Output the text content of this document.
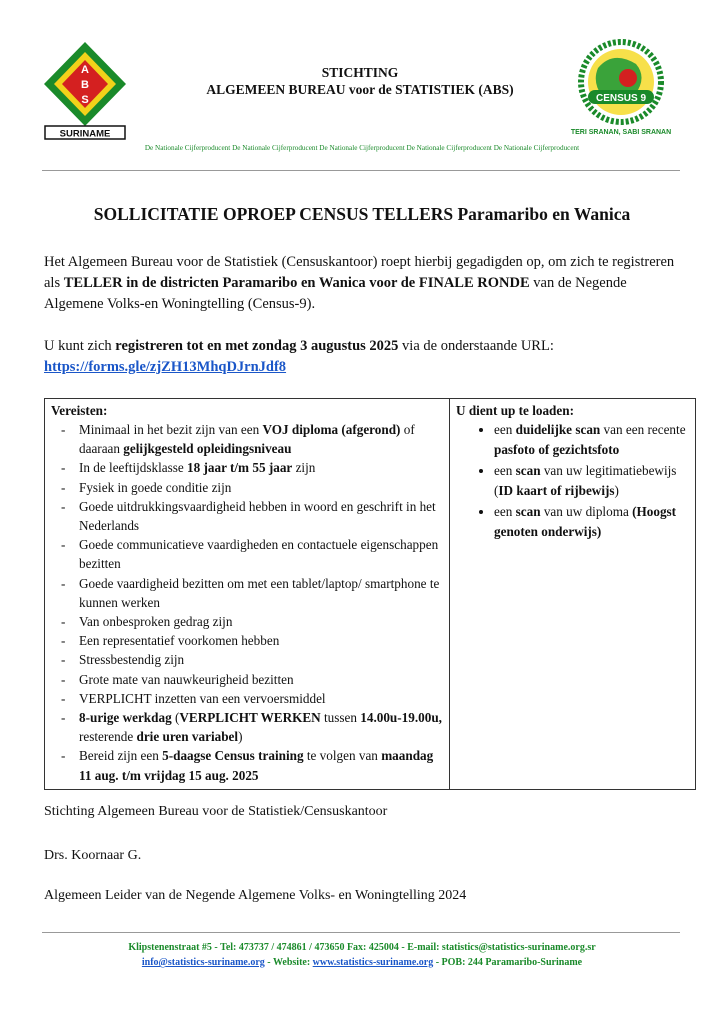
A
B
S
SURINAME
STICHTING
ALGEMEEN BUREAU voor de STATISTIEK (ABS)
CENSUS 9
TERI SRANAN, SABI SRANAN
De Nationale Cijferproducent De Nationale Cijferproducent De Nationale Cijferproducent De Nationale Cijferproducent De Nationale Cijferproducent
SOLLICITATIE OPROEP CENSUS TELLERS Paramaribo en Wanica
Het Algemeen Bureau voor de Statistiek (Censuskantoor) roept hierbij gegadigden op, om zich te registreren als TELLER in de districten Paramaribo en Wanica voor de FINALE RONDE van de Negende Algemene Volks-en Woningtelling (Census-9).
U kunt zich registreren tot en met zondag 3 augustus 2025 via de onderstaande URL:
https://forms.gle/zjZH13MhqDJrnJdf8
Vereisten:
- Minimaal in het bezit zijn van een VOJ diploma (afgerond) of daaraan gelijkgesteld opleidingsniveau
- In de leeftijdsklasse 18 jaar t/m 55 jaar zijn
- Fysiek in goede conditie zijn
- Goede uitdrukkingsvaardigheid hebben in woord en geschrift in het Nederlands
- Goede communicatieve vaardigheden en contactuele eigenschappen bezitten
- Goede vaardigheid bezitten om met een tablet/laptop/ smartphone te kunnen werken
- Van onbesproken gedrag zijn
- Een representatief voorkomen hebben
- Stressbestendig zijn
- Grote mate van nauwkeurigheid bezitten
- VERPLICHT inzetten van een vervoersmiddel
- 8-urige werkdag (VERPLICHT WERKEN tussen 14.00u-19.00u, resterende drie uren variabel)
- Bereid zijn een 5-daagse Census training te volgen van maandag 11 aug. t/m vrijdag 15 aug. 2025

U dient up te loaden:
• een duidelijke scan van een recente pasfoto of gezichtsfoto
• een scan van uw legitimatiebewijs (ID kaart of rijbewijs)
• een scan van uw diploma (Hoogst genoten onderwijs)
Stichting Algemeen Bureau voor de Statistiek/Censuskantoor
Drs. Koornaar G.
Algemeen Leider van de Negende Algemene Volks- en Woningtelling 2024
Klipstenenstraat #5 - Tel: 473737 / 474861 / 473650 Fax: 425004 - E-mail: statistics@statistics-suriname.org.sr
info@statistics-suriname.org - Website: www.statistics-suriname.org - POB: 244 Paramaribo-Suriname
